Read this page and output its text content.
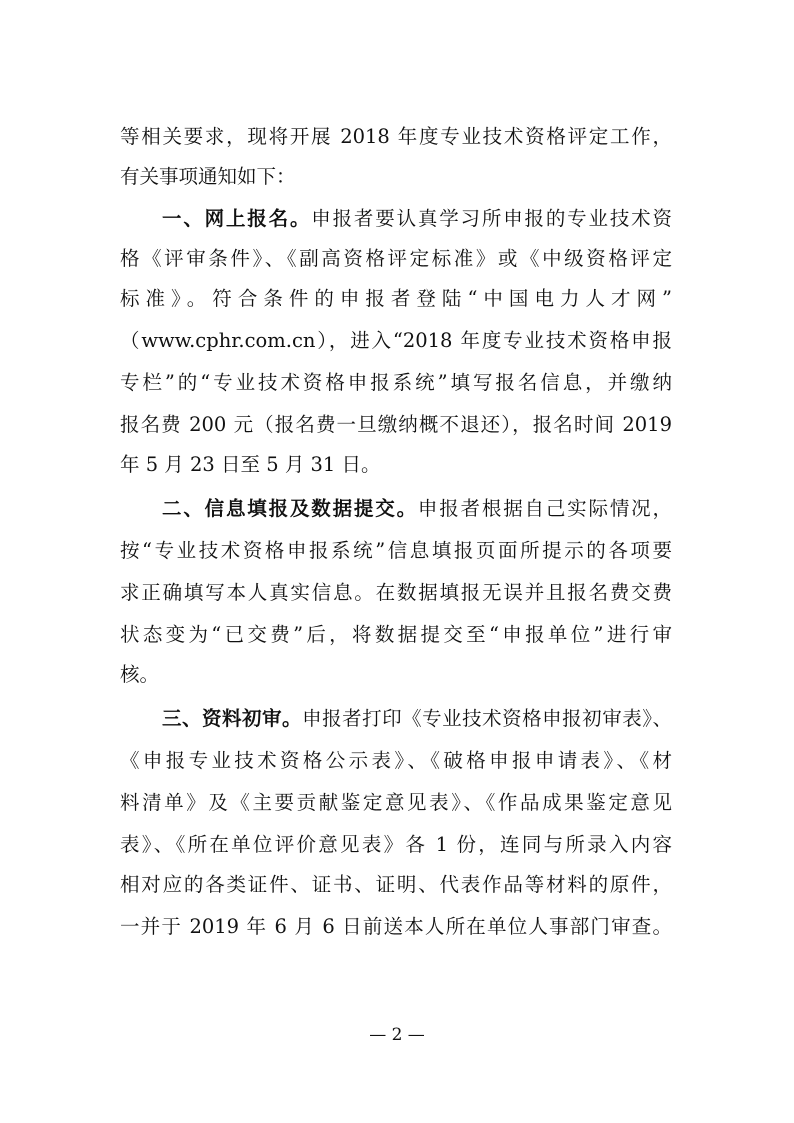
等相关要求，现将开展 2018 年度专业技术资格评定工作，
有关事项通知如下：
一、网上报名。申报者要认真学习所申报的专业技术资
格《评审条件》、《副高资格评定标准》或《中级资格评定
标准》。符合条件的申报者登陆“中国电力人才网”
（www.cphr.com.cn），进入“2018 年度专业技术资格申报
专栏”的“专业技术资格申报系统”填写报名信息，并缴纳
报名费 200 元（报名费一旦缴纳概不退还），报名时间 2019
年 5 月 23 日至 5 月 31 日。
二、信息填报及数据提交。申报者根据自己实际情况，
按“专业技术资格申报系统”信息填报页面所提示的各项要
求正确填写本人真实信息。在数据填报无误并且报名费交费
状态变为“已交费”后，将数据提交至“申报单位”进行审
核。
三、资料初审。申报者打印《专业技术资格申报初审表》、
《申报专业技术资格公示表》、《破格申报申请表》、《材
料清单》及《主要贡献鉴定意见表》、《作品成果鉴定意见
表》、《所在单位评价意见表》各 1 份，连同与所录入内容
相对应的各类证件、证书、证明、代表作品等材料的原件，
一并于 2019 年 6 月 6 日前送本人所在单位人事部门审查。
— 2 —
